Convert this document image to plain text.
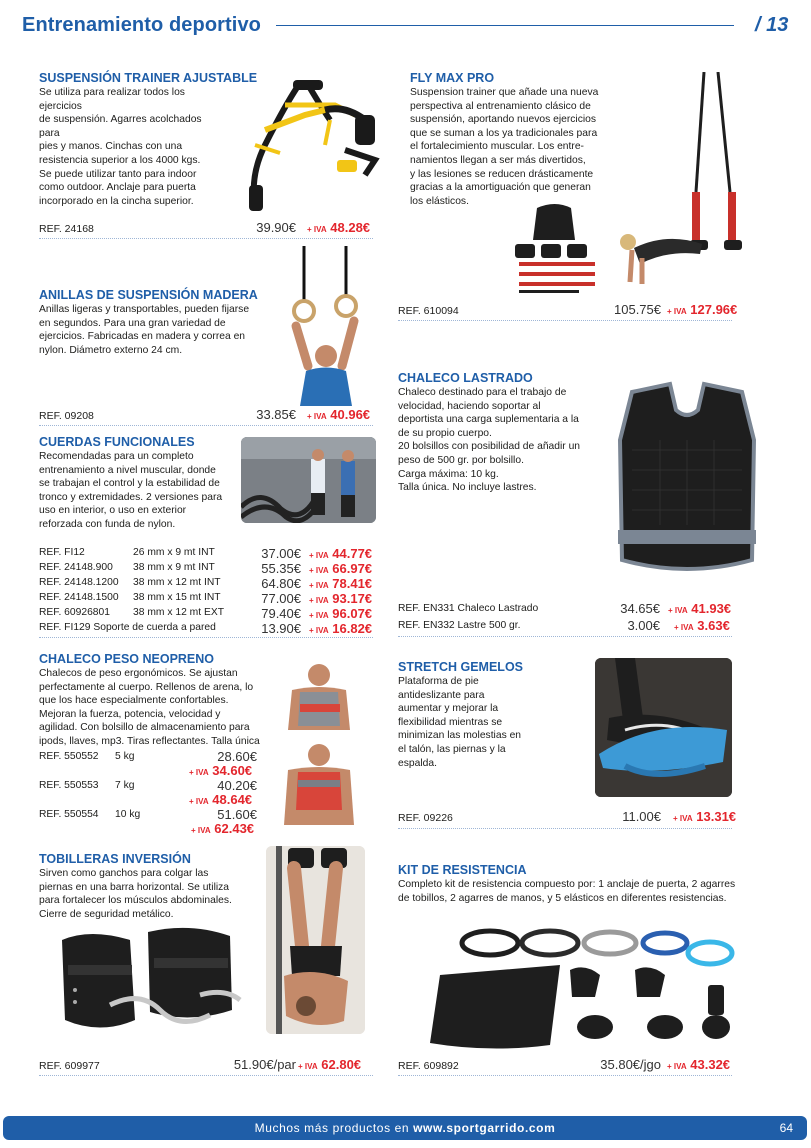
Entrenamiento deportivo	/ 13
SUSPENSIÓN TRAINER AJUSTABLE
Se utiliza para realizar todos los
ejercicios
de suspensión. Agarres acolchados
para
pies y manos. Cinchas con una
resistencia superior a los 4000 kgs.
Se puede utilizar tanto para indoor
como outdoor. Anclaje para puerta
incorporado en la cincha superior.
REF. 24168	39.90€ + IVA 48.28€
ANILLAS DE SUSPENSIÓN MADERA
Anillas ligeras y transportables, pueden fijarse
en segundos. Para una gran variedad de
ejercicios. Fabricadas en madera y correa en
nylon. Diámetro externo 24 cm.
REF. 09208	33.85€ + IVA 40.96€
CUERDAS FUNCIONALES
Recomendadas para un completo
entrenamiento a nivel muscular, donde
se trabajan el control y la estabilidad de
tronco y extremidades. 2 versiones para
uso en interior, o uso en exterior
reforzada con funda de nylon.
REF. FI12	26 mm x 9 mt INT	37.00€ + IVA 44.77€
REF. 24148.900 38 mm x 9 mt INT	55.35€ + IVA 66.97€
REF. 24148.1200 38 mm x 12 mt INT	64.80€ + IVA 78.41€
REF. 24148.1500 38 mm x 15 mt INT	77.00€ + IVA 93.17€
REF. 60926801 38 mm x 12 mt EXT	79.40€ + IVA 96.07€
REF. FI129 Soporte de cuerda a pared	13.90€ + IVA 16.82€
CHALECO PESO NEOPRENO
Chalecos de peso ergonómicos. Se ajustan
perfectamente al cuerpo. Rellenos de arena, lo
que los hace especialmente confortables.
Mejoran la fuerza, potencia, velocidad y
agilidad. Con bolsillo de almacenamiento para
ipods, llaves, mp3. Tiras reflectantes. Talla única
REF. 550552 5 kg	28.60€
+ IVA 34.60€
REF. 550553 7 kg	40.20€
+ IVA 48.64€
REF. 550554 10 kg	51.60€
+ IVA 62.43€
TOBILLERAS INVERSIÓN
Sirven como ganchos para colgar las
piernas en una barra horizontal. Se utiliza
para fortalecer los músculos abdominales.
Cierre de seguridad metálico.
REF. 609977	51.90€/par + IVA 62.80€
FLY MAX PRO
Suspension trainer que añade una nueva
perspectiva al entrenamiento clásico de
suspensión, aportando nuevos ejercicios
que se suman a los ya tradicionales para
el fortalecimiento muscular. Los entre-
namientos llegan a ser más divertidos,
y las lesiones se reducen drásticamente
gracias a la amortiguación que generan
los elásticos.
REF. 610094	105.75€ + IVA 127.96€
CHALECO LASTRADO
Chaleco destinado para el trabajo de
velocidad, haciendo soportar al
deportista una carga suplementaria a la
de su propio cuerpo.
20 bolsillos con posibilidad de añadir un
peso de 500 gr. por bolsillo.
Carga máxima: 10 kg.
Talla única. No incluye lastres.
REF. EN331 Chaleco Lastrado	34.65€ + IVA 41.93€
REF. EN332 Lastre 500 gr.	3.00€ + IVA 3.63€
STRETCH GEMELOS
Plataforma de pie
antideslizante para
aumentar y mejorar la
flexibilidad mientras se
minimizan las molestias en
el talón, las piernas y la
espalda.
REF. 09226	11.00€ + IVA 13.31€
KIT DE RESISTENCIA
Completo kit de resistencia compuesto por: 1 anclaje de puerta, 2 agarres
de tobillos, 2 agarres de manos, y 5 elásticos en diferentes resistencias.
REF. 609892	35.80€/jgo + IVA 43.32€
Muchos más productos en www.sportgarrido.com	64
